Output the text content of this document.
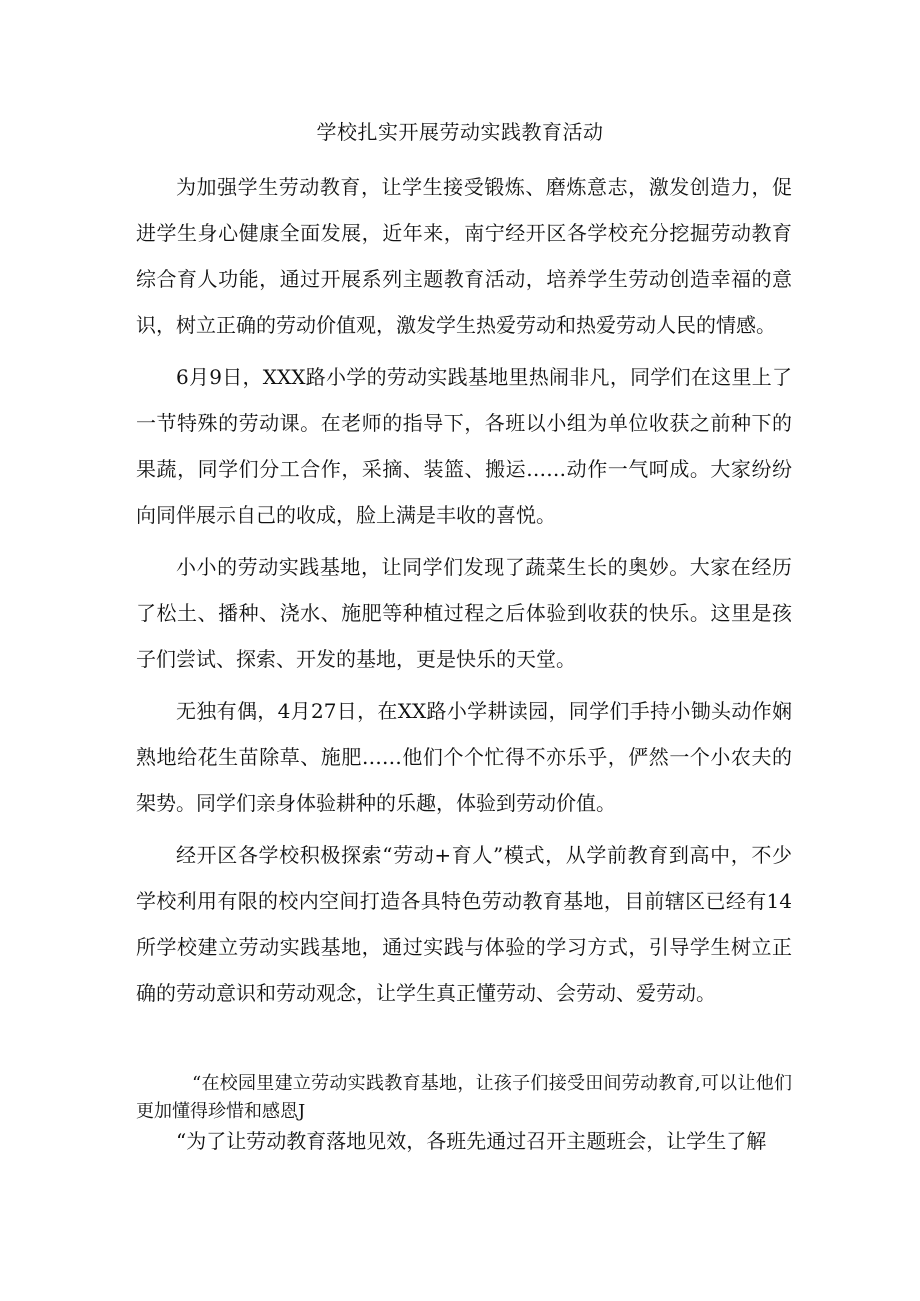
学校扎实开展劳动实践教育活动

为加强学生劳动教育，让学生接受锻炼、磨炼意志，激发创造力，促进学生身心健康全面发展，近年来，南宁经开区各学校充分挖掘劳动教育综合育人功能，通过开展系列主题教育活动，培养学生劳动创造幸福的意识，树立正确的劳动价值观，激发学生热爱劳动和热爱劳动人民的情感。

6月9日，XXX路小学的劳动实践基地里热闹非凡，同学们在这里上了一节特殊的劳动课。在老师的指导下，各班以小组为单位收获之前种下的果蔬，同学们分工合作，采摘、装篮、搬运……动作一气呵成。大家纷纷向同伴展示自己的收成，脸上满是丰收的喜悦。

小小的劳动实践基地，让同学们发现了蔬菜生长的奥妙。大家在经历了松土、播种、浇水、施肥等种植过程之后体验到收获的快乐。这里是孩子们尝试、探索、开发的基地，更是快乐的天堂。

无独有偶，4月27日，在XX路小学耕读园，同学们手持小锄头动作娴熟地给花生苗除草、施肥……他们个个忙得不亦乐乎，俨然一个小农夫的架势。同学们亲身体验耕种的乐趣，体验到劳动价值。

经开区各学校积极探索“劳动+育人”模式，从学前教育到高中，不少学校利用有限的校内空间打造各具特色劳动教育基地，目前辖区已经有14所学校建立劳动实践基地，通过实践与体验的学习方式，引导学生树立正确的劳动意识和劳动观念，让学生真正懂劳动、会劳动、爱劳动。

“在校园里建立劳动实践教育基地，让孩子们接受田间劳动教育,可以让他们更加懂得珍惜和感恩J

“为了让劳动教育落地见效，各班先通过召开主题班会，让学生了解
